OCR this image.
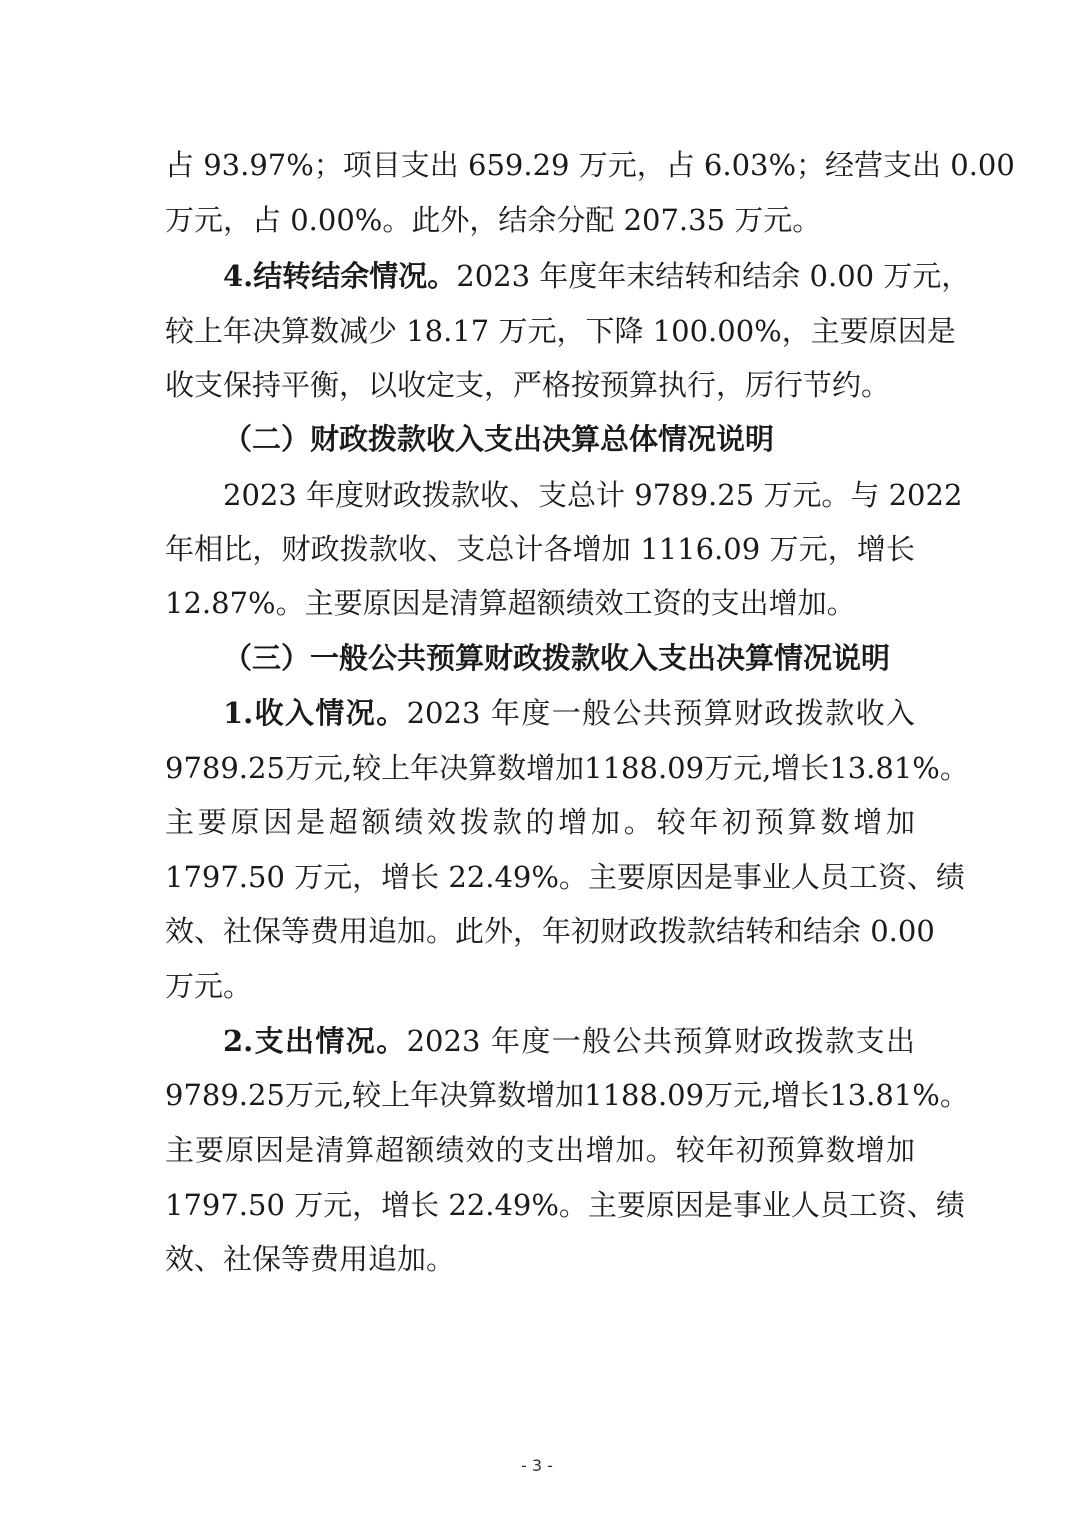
占 93.97%；项目支出 659.29 万元，占 6.03%；经营支出 0.00
万元，占 0.00%。此外，结余分配 207.35 万元。
4.结转结余情况。2023 年度年末结转和结余 0.00 万元，
较上年决算数减少 18.17 万元，下降 100.00%，主要原因是
收支保持平衡，以收定支，严格按预算执行，厉行节约。
（二）财政拨款收入支出决算总体情况说明
2023 年度财政拨款收、支总计 9789.25 万元。与 2022
年相比，财政拨款收、支总计各增加 1116.09 万元，增长
12.87%。主要原因是清算超额绩效工资的支出增加。
（三）一般公共预算财政拨款收入支出决算情况说明
1.收入情况。2023 年度一般公共预算财政拨款收入
9789.25万元,较上年决算数增加1188.09万元,增长13.81%。
主要原因是超额绩效拨款的增加。较年初预算数增加
1797.50 万元，增长 22.49%。主要原因是事业人员工资、绩
效、社保等费用追加。此外，年初财政拨款结转和结余 0.00
万元。
2.支出情况。2023 年度一般公共预算财政拨款支出
9789.25万元,较上年决算数增加1188.09万元,增长13.81%。
主要原因是清算超额绩效的支出增加。较年初预算数增加
1797.50 万元，增长 22.49%。主要原因是事业人员工资、绩
效、社保等费用追加。
- 3 -
